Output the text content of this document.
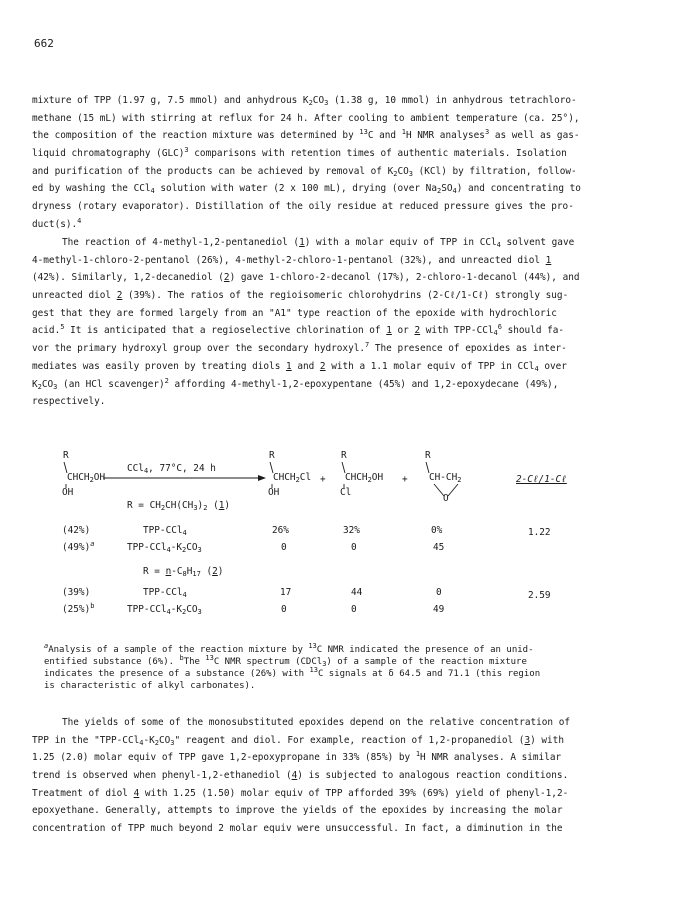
662
mixture of TPP (1.97 g, 7.5 mmol) and anhydrous $K_2CO_3$ (1.38 g, 10 mmol) in anhydrous tetrachloro-
methane (15 mL) with stirring at reflux for 24 h. After cooling to ambient temperature (ca. 25°),
the composition of the reaction mixture was determined by $^{13}$C and $^1$H NMR analyses$^3$ as well as gas-
liquid chromatography (GLC)$^3$ comparisons with retention times of authentic materials. Isolation
and purification of the products can be achieved by removal of $K_2CO_3$ (KCl) by filtration, follow-
ed by washing the CCl$_4$ solution with water (2 x 100 mL), drying (over $Na_2SO_4$) and concentrating to
dryness (rotary evaporator). Distillation of the oily residue at reduced pressure gives the pro-
duct(s).$^4$
The reaction of 4-methyl-1,2-pentanediol (1) with a molar equiv of TPP in CCl$_4$ solvent gave
4-methyl-1-chloro-2-pentanol (26%), 4-methyl-2-chloro-1-pentanol (32%), and unreacted diol 1
(42%). Similarly, 1,2-decanediol (2) gave 1-chloro-2-decanol (17%), 2-chloro-1-decanol (44%), and
unreacted diol 2 (39%). The ratios of the regioisomeric chlorohydrins (2-Cℓ/1-Cℓ) strongly sug-
gest that they are formed largely from an "A1" type reaction of the epoxide with hydrochloric
acid.$^5$ It is anticipated that a regioselective chlorination of 1 or 2 with TPP-CCl$_4^6$ should fa-
vor the primary hydroxyl group over the secondary hydroxyl.$^7$ The presence of epoxides as inter-
mediates was easily proven by treating diols 1 and 2 with a 1.1 molar equiv of TPP in CCl$_4$ over
$K_2CO_3$ (an HCl scavenger)$^2$ affording 4-methyl-1,2-epoxypentane (45%) and 1,2-epoxydecane (49%),
respectively.
R
$CHCH_2OH$
OH
CCl$_4$, 77°C, 24 h
R
$CHCH_2Cl$
OH
+
R
$CHCH_2OH$
Cl
+
R
$CH-CH_2$
O
2-Cℓ/1-Cℓ
$R = CH_2CH(CH_3)_2$ (1)
(42%)	TPP-CCl$_4$	26%	32%	0%	1.22
$(49\%)^a$	TPP-$CCl_4-K_2CO_3$	0	0	45
$R = n-C_8H_{17}$ (2)
(39%)	TPP-CCl$_4$	17	44	0	2.59
$(25\%)^b$	TPP-$CCl_4-K_2CO_3$	0	0	49
$^a$Analysis of a sample of the reaction mixture by $^{13}$C NMR indicated the presence of an unid-
entified substance (6%). $^b$The $^{13}$C NMR spectrum (CDCl$_3$) of a sample of the reaction mixture
indicates the presence of a substance (26%) with $^{13}$C signals at δ 64.5 and 71.1 (this region
is characteristic of alkyl carbonates).
The yields of some of the monosubstituted epoxides depend on the relative concentration of
TPP in the "$TPP-CCl_4-K_2CO_3$" reagent and diol. For example, reaction of 1,2-propanediol (3) with
1.25 (2.0) molar equiv of TPP gave 1,2-epoxypropane in 33% (85%) by $^1$H NMR analyses. A similar
trend is observed when phenyl-1,2-ethanediol (4) is subjected to analogous reaction conditions.
Treatment of diol 4 with 1.25 (1.50) molar equiv of TPP afforded 39% (69%) yield of phenyl-1,2-
epoxyethane. Generally, attempts to improve the yields of the epoxides by increasing the molar
concentration of TPP much beyond 2 molar equiv were unsuccessful. In fact, a diminution in the
